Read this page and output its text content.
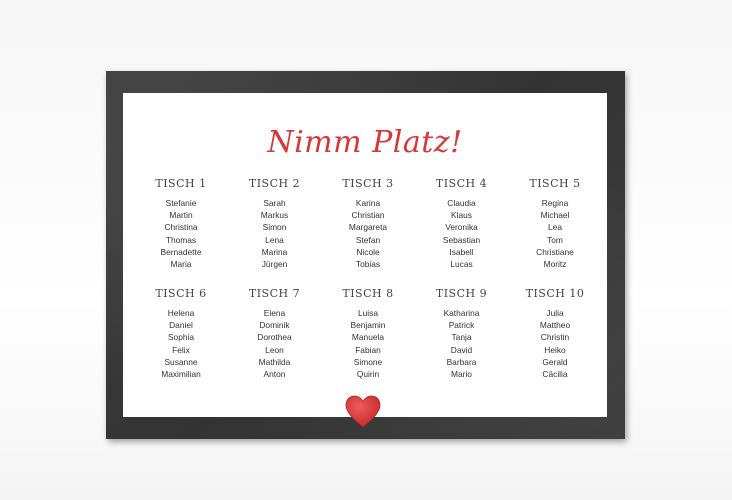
Nimm Platz!
TISCH 1
Stefanie
Martin
Christina
Thomas
Bernadette
Maria
TISCH 2
Sarah
Markus
Simon
Lena
Marina
Jürgen
TISCH 3
Karina
Christian
Margareta
Stefan
Nicole
Tobias
TISCH 4
Claudia
Klaus
Veronika
Sebastian
Isabell
Lucas
TISCH 5
Regina
Michael
Lea
Tom
Christiane
Moritz
TISCH 6
Helena
Daniel
Sophia
Felix
Susanne
Maximilian
TISCH 7
Elena
Dominik
Dorothea
Leon
Mathilda
Anton
TISCH 8
Luisa
Benjamin
Manuela
Fabian
Simone
Quirin
TISCH 9
Katharina
Patrick
Tanja
David
Barbara
Mario
TISCH 10
Julia
Mattheo
Christin
Heiko
Gerald
Cäcilia
